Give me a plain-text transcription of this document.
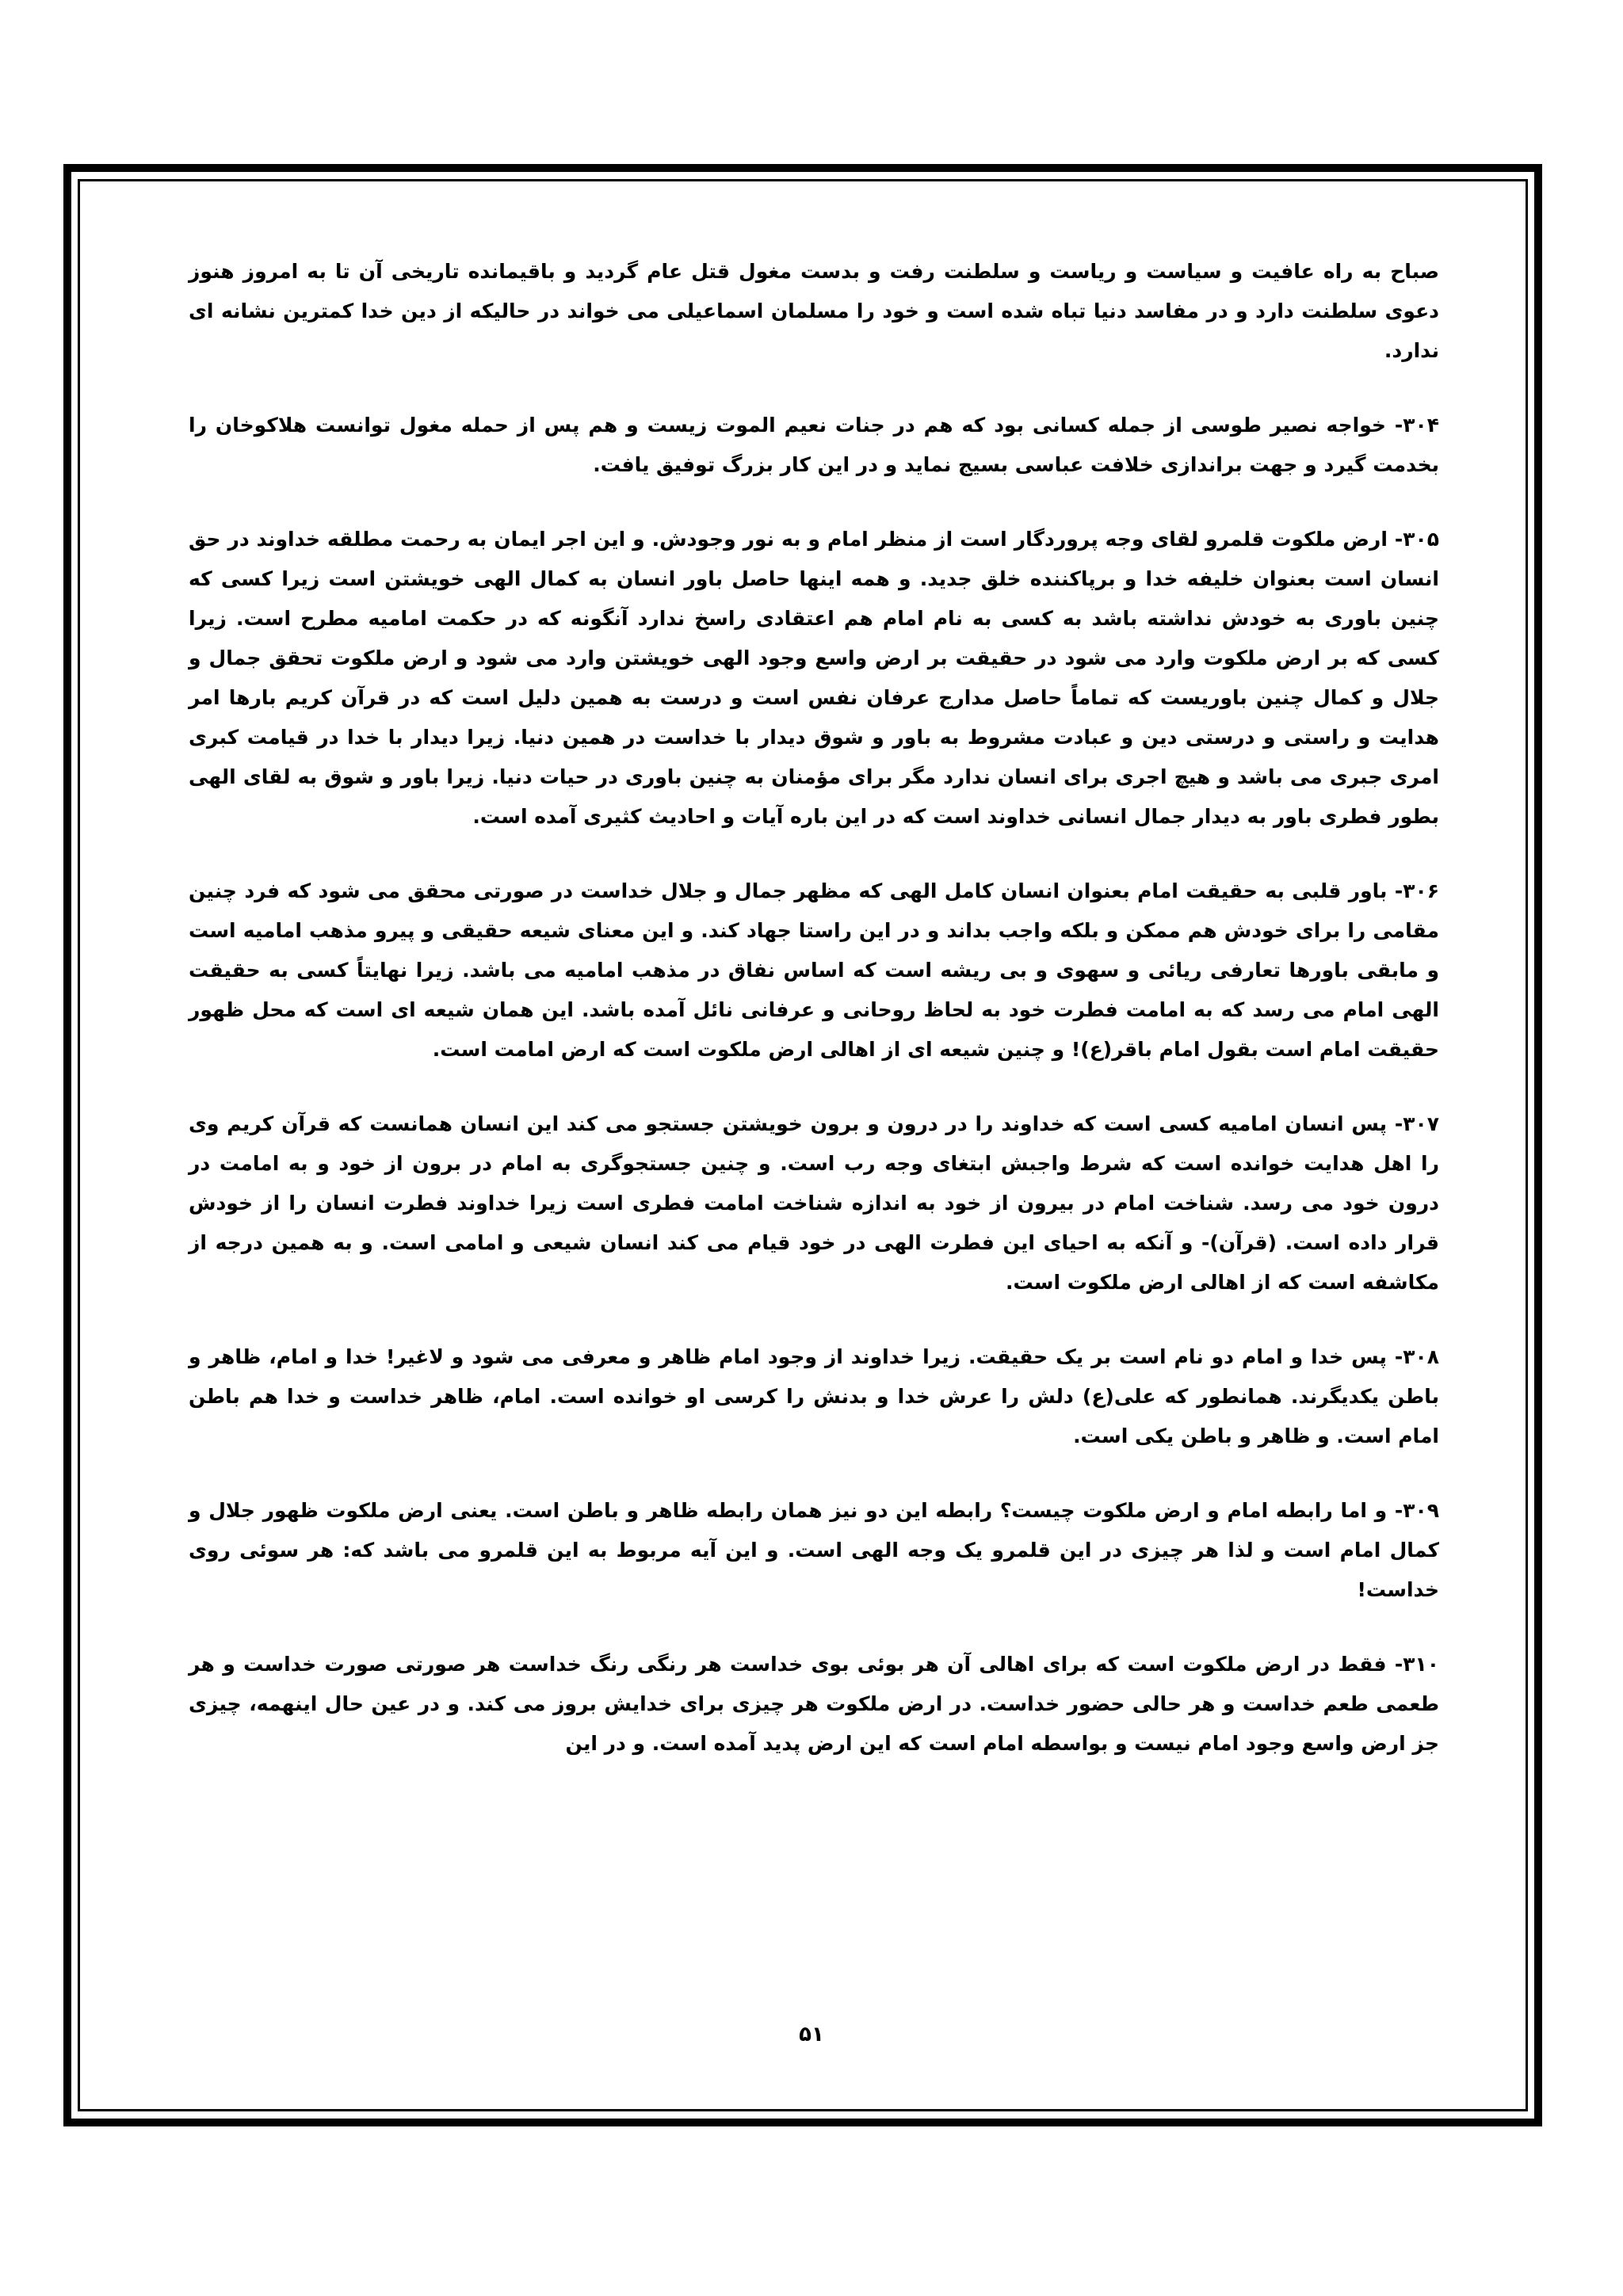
صباح به راه عافیت و سیاست و ریاست و سلطنت رفت و بدست مغول قتل عام گردید و باقیمانده تاریخی آن تا به امروز هنوز دعوی سلطنت دارد و در مفاسد دنیا تباه شده است و خود را مسلمان اسماعیلی می خواند در حالیکه از دین خدا کمترین نشانه ای ندارد.

۳۰۴- خواجه نصیر طوسی از جمله کسانی بود که هم در جنات نعیم الموت زیست و هم پس از حمله مغول توانست هلاکوخان را بخدمت گیرد و جهت براندازی خلافت عباسی بسیج نماید و در این کار بزرگ توفیق یافت.

۳۰۵- ارض ملکوت قلمرو لقای وجه پروردگار است از منظر امام و به نور وجودش. و این اجر ایمان به رحمت مطلقه خداوند در حق انسان است بعنوان خلیفه خدا و برپاکننده خلق جدید. و همه اینها حاصل باور انسان به کمال الهی خویشتن است زیرا کسی که چنین باوری به خودش نداشته باشد به کسی به نام امام هم اعتقادی راسخ ندارد آنگونه که در حکمت امامیه مطرح است. زیرا کسی که بر ارض ملکوت وارد می شود در حقیقت بر ارض واسع وجود الهی خویشتن وارد می شود و ارض ملکوت تحقق جمال و جلال و کمال چنین باوریست که تماماً حاصل مدارج عرفان نفس است و درست به همین دلیل است که در قرآن کریم بارها امر هدایت و راستی و درستی دین و عبادت مشروط به باور و شوق دیدار با خداست در همین دنیا. زیرا دیدار با خدا در قیامت کبری امری جبری می باشد و هیچ اجری برای انسان ندارد مگر برای مؤمنان به چنین باوری در حیات دنیا. زیرا باور و شوق به لقای الهی بطور فطری باور به دیدار جمال انسانی خداوند است که در این باره آیات و احادیث کثیری آمده است.

۳۰۶- باور قلبی به حقیقت امام بعنوان انسان کامل الهی که مظهر جمال و جلال خداست در صورتی محقق می شود که فرد چنین مقامی را برای خودش هم ممکن و بلکه واجب بداند و در این راستا جهاد کند. و این معنای شیعه حقیقی و پیرو مذهب امامیه است و مابقی باورها تعارفی ریائی و سهوی و بی ریشه است که اساس نفاق در مذهب امامیه می باشد. زیرا نهایتاً کسی به حقیقت الهی امام می رسد که به امامت فطرت خود به لحاظ روحانی و عرفانی نائل آمده باشد. این همان شیعه ای است که محل ظهور حقیقت امام است بقول امام باقر(ع)! و چنین شیعه ای از اهالی ارض ملکوت است که ارض امامت است.

۳۰۷- پس انسان امامیه کسی است که خداوند را در درون و برون خویشتن جستجو می کند این انسان همانست که قرآن کریم وی را اهل هدایت خوانده است که شرط واجبش ابتغای وجه رب است. و چنین جستجوگری به امام در برون از خود و به امامت در درون خود می رسد. شناخت امام در بیرون از خود به اندازه شناخت امامت فطری است زیرا خداوند فطرت انسان را از خودش قرار داده است. (قرآن)- و آنکه به احیای این فطرت الهی در خود قیام می کند انسان شیعی و امامی است. و به همین درجه از مکاشفه است که از اهالی ارض ملکوت است.

۳۰۸- پس خدا و امام دو نام است بر یک حقیقت. زیرا خداوند از وجود امام ظاهر و معرفی می شود و لاغیر! خدا و امام، ظاهر و باطن یکدیگرند. همانطور که علی(ع) دلش را عرش خدا و بدنش را کرسی او خوانده است. امام، ظاهر خداست و خدا هم باطن امام است. و ظاهر و باطن یکی است.

۳۰۹- و اما رابطه امام و ارض ملکوت چیست؟ رابطه این دو نیز همان رابطه ظاهر و باطن است. یعنی ارض ملکوت ظهور جلال و کمال امام است و لذا هر چیزی در این قلمرو یک وجه الهی است. و این آیه مربوط به این قلمرو می باشد که: هر سوئی روی خداست!

۳۱۰- فقط در ارض ملکوت است که برای اهالی آن هر بوئی بوی خداست هر رنگی رنگ خداست هر صورتی صورت خداست و هر طعمی طعم خداست و هر حالی حضور خداست. در ارض ملکوت هر چیزی برای خدایش بروز می کند. و در عین حال اینهمه، چیزی جز ارض واسع وجود امام نیست و بواسطه امام است که این ارض پدید آمده است. و در این

۵۱
